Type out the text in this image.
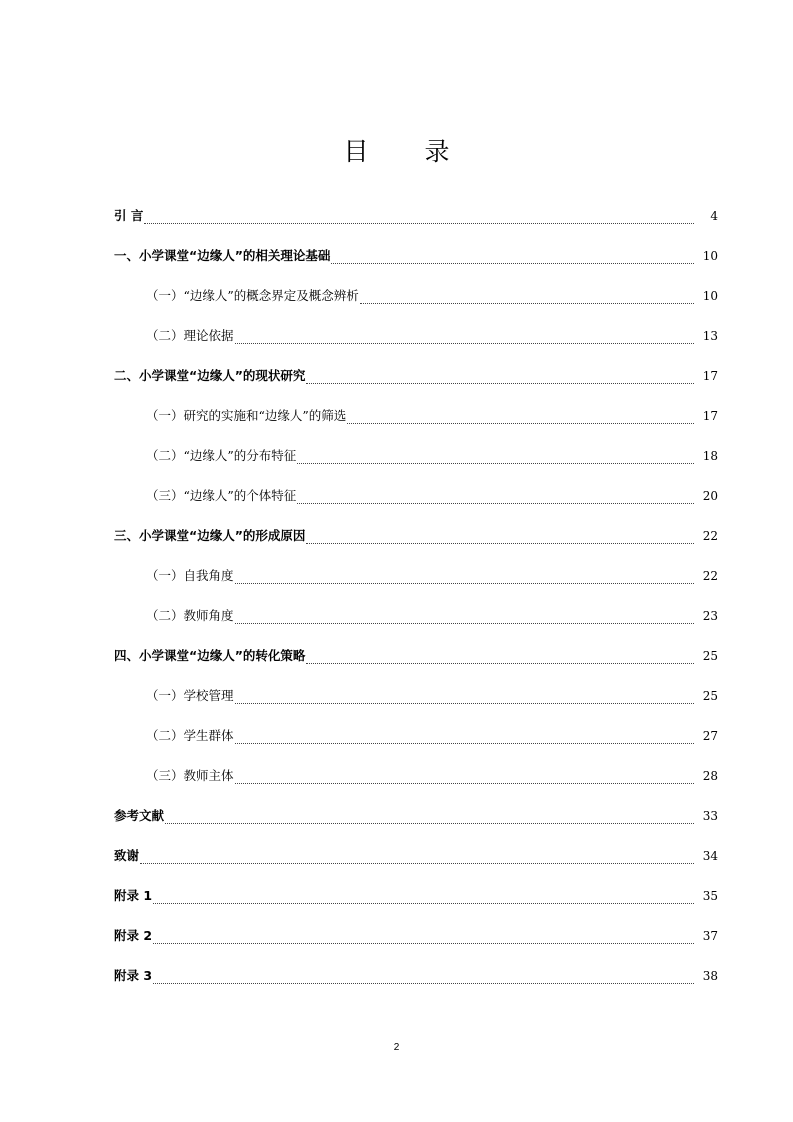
目 录
引 言	4
一、小学课堂“边缘人”的相关理论基础	10
（一）“边缘人”的概念界定及概念辨析	10
（二）理论依据	13
二、小学课堂“边缘人”的现状研究	17
（一）研究的实施和“边缘人”的筛选	17
（二）“边缘人”的分布特征	18
（三）“边缘人”的个体特征	20
三、小学课堂“边缘人”的形成原因	22
（一）自我角度	22
（二）教师角度	23
四、小学课堂“边缘人”的转化策略	25
（一）学校管理	25
（二）学生群体	27
（三）教师主体	28
参考文献	33
致谢	34
附录 1	35
附录 2	37
附录 3	38
2
